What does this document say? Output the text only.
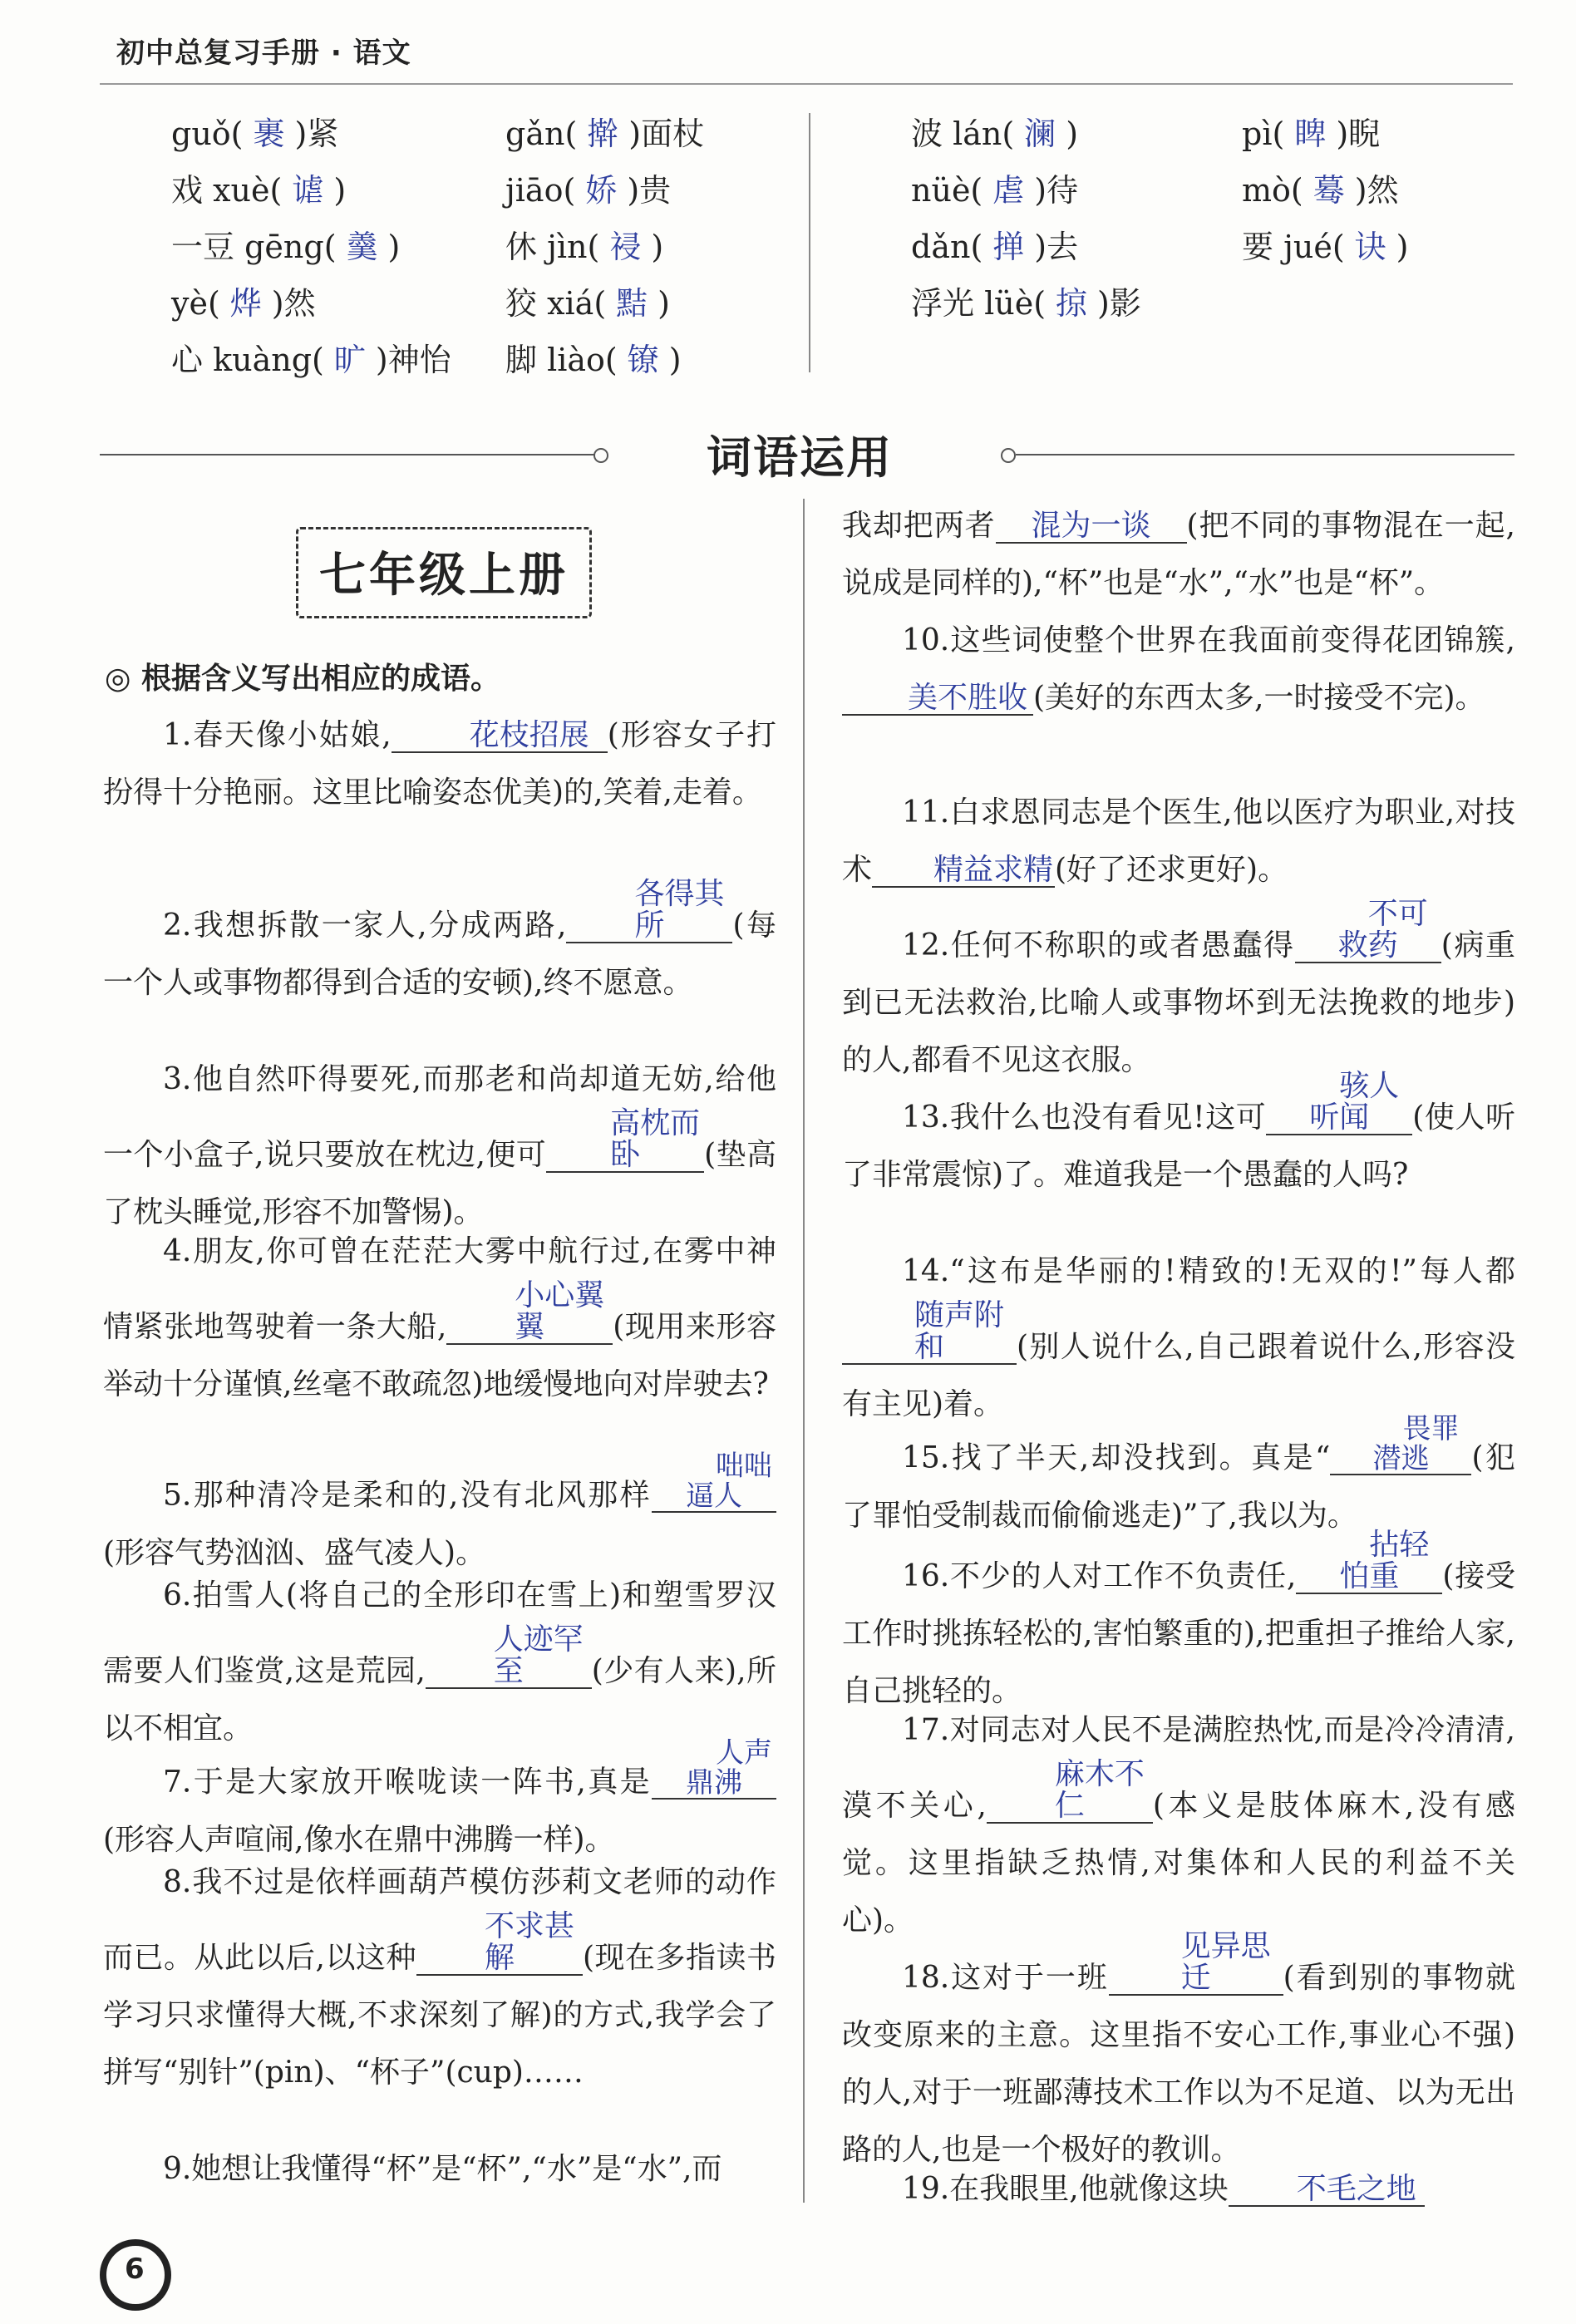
初中总复习手册 · 语文
guǒ( 裹 )紧
戏 xuè( 谑 )
一豆 gēng( 羹 )
yè( 烨 )然
心 kuàng( 旷 )神怡
gǎn( 擀 )面杖
jiāo( 娇 )贵
休 jìn( 祲 )
狡 xiá( 黠 )
脚 liào( 镣 )
波 lán( 澜 )
nüè( 虐 )待
dǎn( 掸 )去
浮光 lüè( 掠 )影
pì( 睥 )睨
mò( 蓦 )然
要 jué( 诀 )
词语运用
七年级上册
◎ 根据含义写出相应的成语。
1.春天像小姑娘,	花枝招展 (形容女子打扮得十分艳丽。这里比喻姿态优美)的,笑着,走着。
2.我想拆散一家人,分成两路,各得其所 (每一个人或事物都得到合适的安顿),终不愿意。
3.他自然吓得要死,而那老和尚却道无妨,给他一个小盒子,说只要放在枕边,便可高枕而卧 (垫高了枕头睡觉,形容不加警惕)。
4.朋友,你可曾在茫茫大雾中航行过,在雾中神情紧张地驾驶着一条大船,小心翼翼 (现用来形容举动十分谨慎,丝毫不敢疏忽)地缓慢地向对岸驶去?
5.那种清冷是柔和的,没有北风那样咄咄逼人(形容气势汹汹、盛气凌人)。
6.拍雪人(将自己的全形印在雪上)和塑雪罗汉需要人们鉴赏,这是荒园,人迹罕至 (少有人来),所以不相宜。
7.于是大家放开喉咙读一阵书,真是人声鼎沸(形容人声喧闹,像水在鼎中沸腾一样)。
8.我不过是依样画葫芦模仿莎莉文老师的动作而已。从此以后,以这种不求甚解 (现在多指读书学习只求懂得大概,不求深刻了解)的方式,我学会了拼写“别针”(pin)、“杯子”(cup)……
9.她想让我懂得“杯”是“杯”,“水”是“水”,而
我却把两者 混为一谈 (把不同的事物混在一起,说成是同样的),“杯”也是“水”,“水”也是“杯”。
10.这些词使整个世界在我面前变得花团锦簇,美不胜收 (美好的东西太多,一时接受不完)。
11.白求恩同志是个医生,他以医疗为职业,对技术 精益求精(好了还求更好)。
12.任何不称职的或者愚蠢得不可救药 (病重到已无法救治,比喻人或事物坏到无法挽救的地步)的人,都看不见这衣服。
13.我什么也没有看见!这可骇人听闻 (使人听了非常震惊)了。难道我是一个愚蠢的人吗?
14.“这布是华丽的!精致的!无双的!”每人都随声附和 (别人说什么,自己跟着说什么,形容没有主见)着。
15.找了半天,却没找到。真是“畏罪潜逃 (犯了罪怕受制裁而偷偷逃走)”了,我以为。
16.不少的人对工作不负责任,拈轻怕重 (接受工作时挑拣轻松的,害怕繁重的),把重担子推给人家,自己挑轻的。
17.对同志对人民不是满腔热忱,而是冷冷清清,漠不关心,麻木不仁 (本义是肢体麻木,没有感觉。这里指缺乏热情,对集体和人民的利益不关心)。
18.这对于一班见异思迁 (看到别的事物就改变原来的主意。这里指不安心工作,事业心不强)的人,对于一班鄙薄技术工作以为不足道、以为无出路的人,也是一个极好的教训。
19.在我眼里,他就像这块 不毛之地
6
